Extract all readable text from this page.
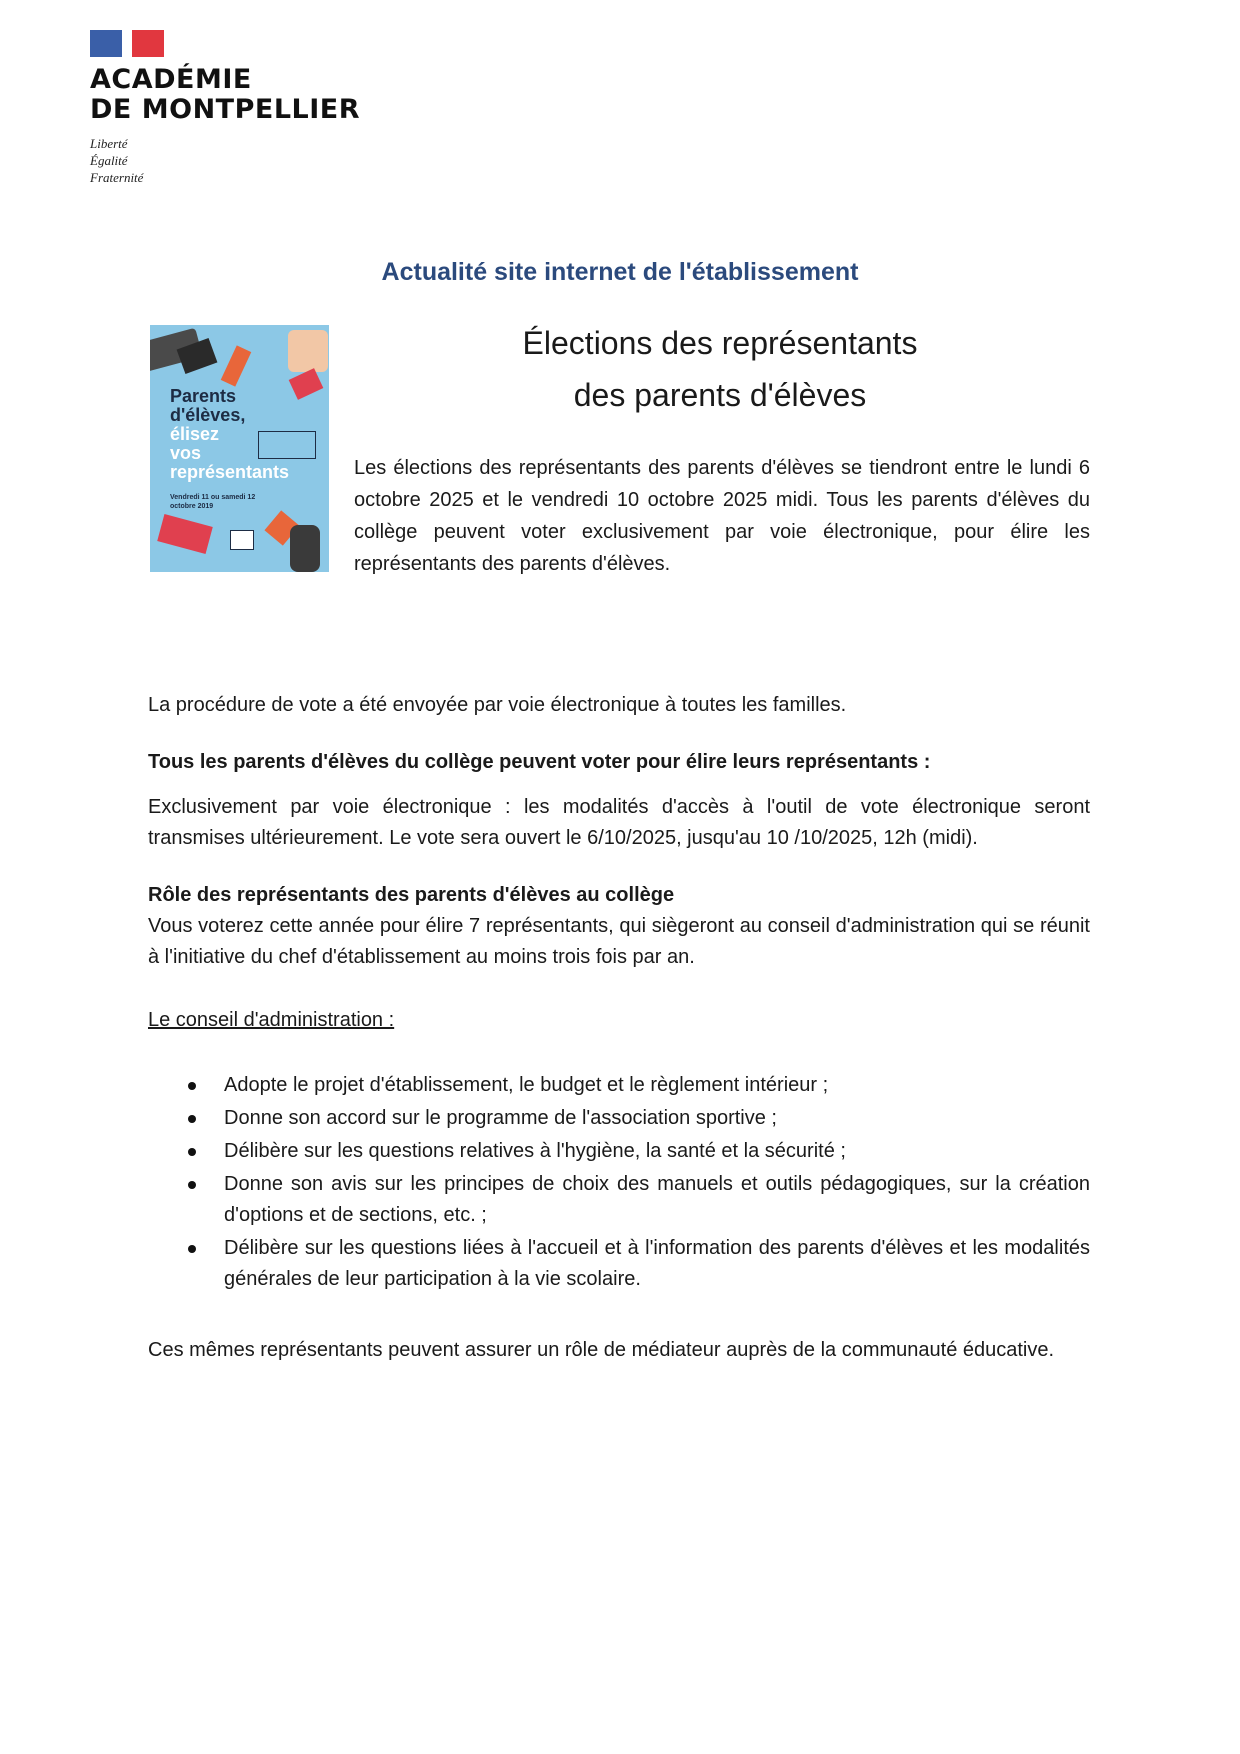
ACADÉMIE
DE MONTPELLIER
Liberté
Égalité
Fraternité
Actualité site internet de l'établissement
Parents
d'élèves,
élisez
vos
représentants
Vendredi 11 ou samedi 12 octobre 2019
Élections des représentants
des parents d'élèves
Les élections des représentants des parents d'élèves se tiendront entre le lundi 6 octobre 2025 et le vendredi 10 octobre 2025 midi. Tous les parents d'élèves du collège peuvent voter exclusivement par voie électronique, pour élire les représentants des parents d'élèves.
La procédure de vote a été envoyée par voie électronique à toutes les familles.
Tous les parents d'élèves du collège peuvent voter pour élire leurs représentants :
Exclusivement par voie électronique : les modalités d'accès à l'outil de vote électronique seront transmises ultérieurement. Le vote sera ouvert le 6/10/2025, jusqu'au 10 /10/2025, 12h (midi).
Rôle des représentants des parents d'élèves au collège
Vous voterez cette année pour élire 7 représentants, qui siègeront au conseil d'administration qui se réunit à l'initiative du chef d'établissement au moins trois fois par an.
Le conseil d'administration :
Adopte le projet d'établissement, le budget et le règlement intérieur ;
Donne son accord sur le programme de l'association sportive ;
Délibère sur les questions relatives à l'hygiène, la santé et la sécurité ;
Donne son avis sur les principes de choix des manuels et outils pédagogiques, sur la création d'options et de sections, etc. ;
Délibère sur les questions liées à l'accueil et à l'information des parents d'élèves et les modalités générales de leur participation à la vie scolaire.
Ces mêmes représentants peuvent assurer un rôle de médiateur auprès de la communauté éducative.
